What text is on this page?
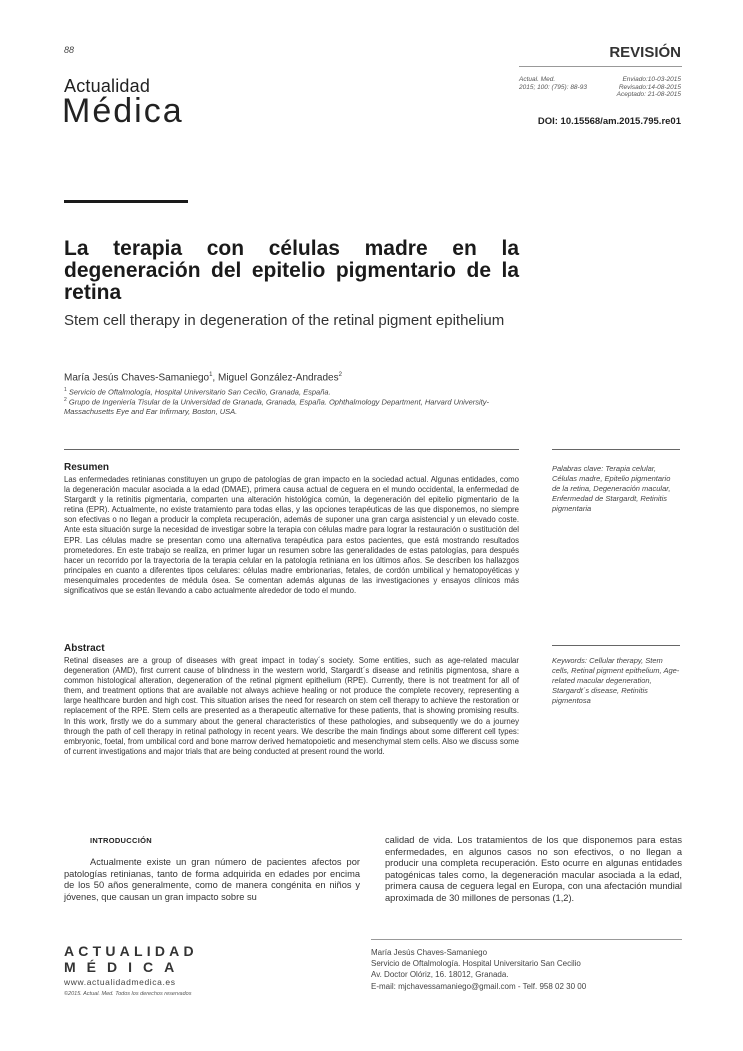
88
Actualidad
Médica
REVISIÓN
Actual. Med.
2015; 100: (795): 88-93
Enviado:10-03-2015
Revisado:14-08-2015
Aceptado: 21-08-2015
DOI: 10.15568/am.2015.795.re01
La terapia con células madre en la degeneración del epitelio pigmentario de la retina
Stem cell therapy in degeneration of the retinal pigment epithelium
María Jesús Chaves-Samaniego$^1$, Miguel González-Andrades$^2$
$^1$ Servicio de Oftalmología, Hospital Universitario San Cecilio, Granada, España.
$^2$ Grupo de Ingeniería Tisular de la Universidad de Granada, Granada, España. Ophthalmology Department, Harvard University-Massachusetts Eye and Ear Infirmary, Boston, USA.
Resumen

Las enfermedades retinianas constituyen un grupo de patologías de gran impacto en la sociedad actual. Algunas entidades, como la degeneración macular asociada a la edad (DMAE), primera causa actual de ceguera en el mundo occidental, la enfermedad de Stargardt y la retinitis pigmentaria, comparten una alteración histológica común, la degeneración del epitelio pigmentario de la retina (EPR). Actualmente, no existe tratamiento para todas ellas, y las opciones terapéuticas de las que disponemos, no siempre son efectivas o no llegan a producir la completa recuperación, además de suponer una gran carga asistencial y un elevado coste. Ante esta situación surge la necesidad de investigar sobre la terapia con células madre para lograr la restauración o sustitución del EPR. Las células madre se presentan como una alternativa terapéutica para estos pacientes, que está mostrando resultados prometedores. En este trabajo se realiza, en primer lugar un resumen sobre las generalidades de estas patologías, para después hacer un recorrido por la trayectoria de la terapia celular en la patología retiniana en los últimos años. Se describen los hallazgos principales en cuanto a diferentes tipos celulares: células madre embrionarias, fetales, de cordón umbilical y hematopoyéticas y mesenquimales procedentes de médula ósea. Se comentan además algunas de las investigaciones y ensayos clínicos más significativos que se están llevando a cabo actualmente alrededor de todo el mundo.

Palabras clave: Terapia celular, Células madre, Epitelio pigmentario de la retina, Degeneración macular, Enfermedad de Stargardt, Retinitis pigmentaria
Abstract

Retinal diseases are a group of diseases with great impact in today´s society. Some entities, such as age-related macular degeneration (AMD), first current cause of blindness in the western world, Stargardt´s disease and retinitis pigmentosa, share a common histological alteration, degeneration of the retinal pigment epithelium (RPE). Currently, there is not treatment for all of them, and treatment options that are available not always achieve healing or not produce the complete recovery, representing a large healthcare burden and high cost. This situation arises the need for research on stem cell therapy to achieve the restoration or replacement of the RPE. Stem cells are presented as a therapeutic alternative for these patients, that is showing promising results. In this work, firstly we do a summary about the general characteristics of these pathologies, and subsequently we do a journey through the path of cell therapy in retinal pathology in recent years. We describe the main findings about some different cell types: embryonic, foetal, from umbilical cord and bone marrow derived hematopoietic and mesenchymal stem cells. Also we discuss some of current investigations and major trials that are being conducted at present round the world.

Keywords: Cellular therapy, Stem cells, Retinal pigment epithelium, Age-related macular degeneration, Stargardt´s disease, Retinitis pigmentosa
INTRODUCCIÓN

Actualmente existe un gran número de pacientes afectos por patologías retinianas, tanto de forma adquirida en edades por encima de los 50 años generalmente, como de manera congénita en niños y jóvenes, que causan un gran impacto sobre su

calidad de vida. Los tratamientos de los que disponemos para estas enfermedades, en algunos casos no son efectivos, o no llegan a producir una completa recuperación. Esto ocurre en algunas entidades patogénicas tales como, la degeneración macular asociada a la edad, primera causa de ceguera legal en Europa, con una afectación mundial aproximada de 30 millones de personas (1,2).

ACTUALIDAD
MÉDICA
www.actualidadmedica.es
©2015. Actual. Med. Todos los derechos reservados
María Jesús Chaves-Samaniego
Servicio de Oftalmología. Hospital Universitario San Cecilio
Av. Doctor Olóriz, 16. 18012, Granada.
E-mail: mjchavessamaniego@gmail.com - Telf. 958 02 30 00
